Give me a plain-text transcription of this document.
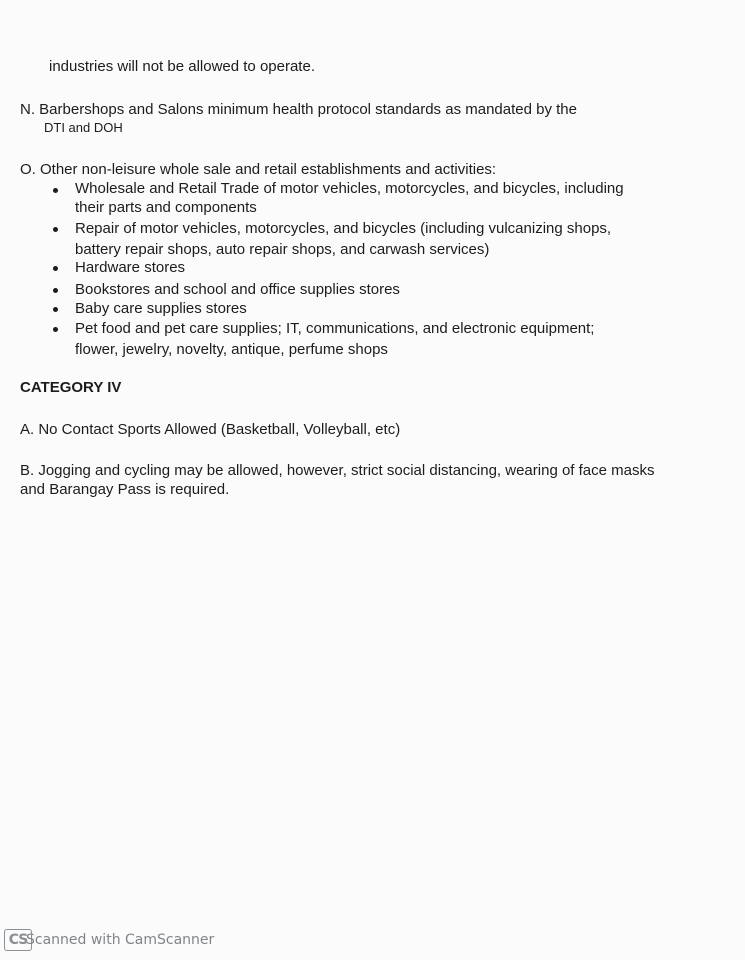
industries will not be allowed to operate.
N. Barbershops and Salons minimum health protocol standards as mandated by the
DTI and DOH
O. Other non-leisure whole sale and retail establishments and activities:
Wholesale and Retail Trade of motor vehicles, motorcycles, and bicycles, including
their parts and components
Repair of motor vehicles, motorcycles, and bicycles (including vulcanizing shops,
battery repair shops, auto repair shops, and carwash services)
Hardware stores
Bookstores and school and office supplies stores
Baby care supplies stores
Pet food and pet care supplies; IT, communications, and electronic equipment;
flower, jewelry, novelty, antique, perfume shops
CATEGORY IV
A. No Contact Sports Allowed (Basketball, Volleyball, etc)
B. Jogging and cycling may be allowed, however, strict social distancing, wearing of face masks
and Barangay Pass is required.
CS
Scanned with CamScanner
